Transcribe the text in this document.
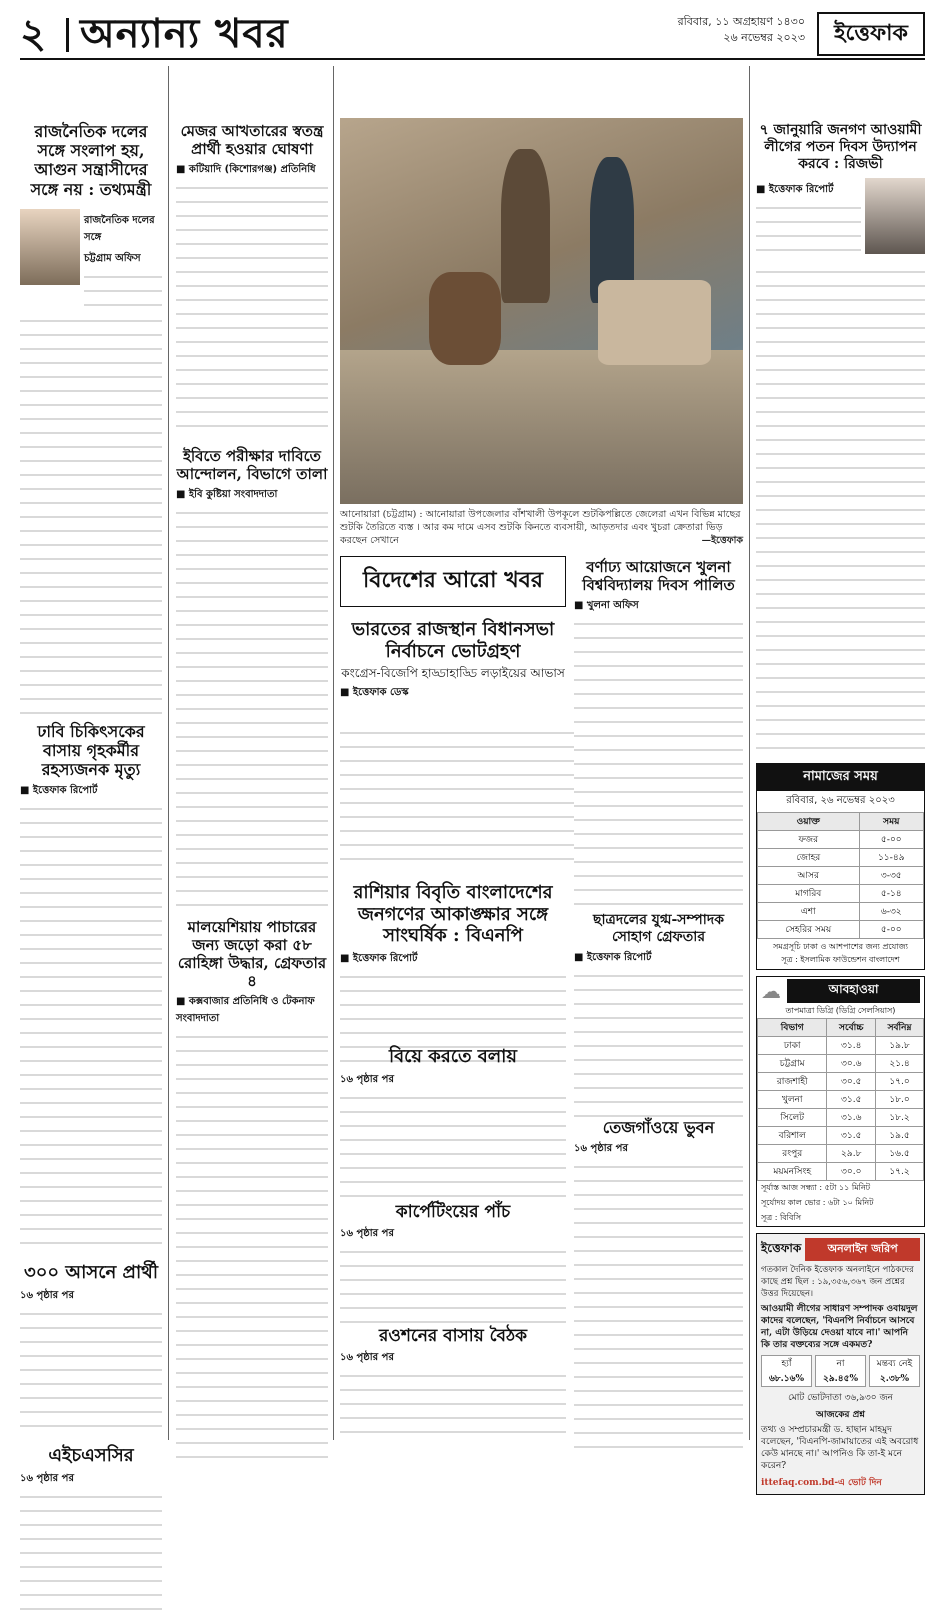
২ অন্যান্য খবর	রবিবার, ১১ অগ্রহায়ণ ১৪৩০
২৬ নভেম্বর ২০২৩	ইত্তেফাক
রাজনৈতিক দলের সঙ্গে সংলাপ হয়, আগুন সন্ত্রাসীদের সঙ্গে নয় : তথ্যমন্ত্রী
রাজনৈতিক দলের সঙ্গে
চট্টগ্রাম অফিস
ঢাবি চিকিৎসকের বাসায় গৃহকর্মীর রহস্যজনক মৃত্যু
■ ইত্তেফাক রিপোর্ট
৩০০ আসনে প্রার্থী
১৬ পৃষ্ঠার পর
এইচএসসির
১৬ পৃষ্ঠার পর
মেজর আখতারের স্বতন্ত্র প্রার্থী হওয়ার ঘোষণা
■ কটিয়াদি (কিশোরগঞ্জ) প্রতিনিধি
ইবিতে পরীক্ষার দাবিতে আন্দোলন, বিভাগে তালা
■ ইবি কুষ্টিয়া সংবাদদাতা
মালয়েশিয়ায় পাচারের জন্য জড়ো করা ৫৮ রোহিঙ্গা উদ্ধার, গ্রেফতার ৪
■ কক্সবাজার প্রতিনিধি ও টেকনাফ সংবাদদাতা
আনোয়ারা (চট্টগ্রাম) : আনোয়ারা উপজেলার বাঁশখালী উপকূলে শুটকিপল্লিতে জেলেরা এখন বিভিন্ন মাছের শুটকি তৈরিতে ব্যস্ত । আর কম দামে এসব শুটকি কিনতে ব্যবসায়ী, আড়তদার এবং খুচরা ক্রেতারা ভিড় করছেন সেখানে	—ইত্তেফাক
বিদেশের আরো খবর
ভারতের রাজস্থান বিধানসভা নির্বাচনে ভোটগ্রহণ
কংগ্রেস-বিজেপি হাড্ডাহাড্ডি লড়াইয়ের আভাস
■ ইত্তেফাক ডেস্ক
বর্ণাঢ্য আয়োজনে খুলনা বিশ্ববিদ্যালয় দিবস পালিত
■ খুলনা অফিস
রাশিয়ার বিবৃতি বাংলাদেশের জনগণের আকাঙ্ক্ষার সঙ্গে সাংঘর্ষিক : বিএনপি
■ ইত্তেফাক রিপোর্ট
ছাত্রদলের যুগ্ম-সম্পাদক সোহাগ গ্রেফতার
■ ইত্তেফাক রিপোর্ট
বিয়ে করতে বলায়
১৬ পৃষ্ঠার পর
তেজগাঁওয়ে ভুবন
১৬ পৃষ্ঠার পর
কার্পেটিংয়ের পাঁচ
১৬ পৃষ্ঠার পর
রওশনের বাসায় বৈঠক
১৬ পৃষ্ঠার পর
৭ জানুয়ারি জনগণ আওয়ামী লীগের পতন দিবস উদ্যাপন করবে : রিজভী
■ ইত্তেফাক রিপোর্ট
নামাজের সময়
রবিবার, ২৬ নভেম্বর ২০২৩
ওয়াক্ত	সময়
ফজর	৫-০০
জোহর	১১-৪৯
আসর	৩-৩৫
মাগরিব	৫-১৪
এশা	৬-৩২
সেহরির সময়	৫-০০
সমগ্রসূচি ঢাকা ও আশপাশের জন্য প্রযোজ্য
সূত্র : ইসলামিক ফাউন্ডেশন বাংলাদেশ
☁	আবহাওয়া
তাপমাত্রা ডিগ্রি (ডিগ্রি সেলসিয়াস)
বিভাগ	সর্বোচ্চ	সর্বনিম্ন
ঢাকা	৩১.৪	১৯.৮
চট্টগ্রাম	৩০.৬	২১.৪
রাজশাহী	৩০.৫	১৭.০
খুলনা	৩১.৫	১৮.০
সিলেট	৩১.৬	১৮.২
বরিশাল	৩১.৫	১৯.৫
রংপুর	২৯.৮	১৬.৫
ময়মনসিংহ	৩০.০	১৭.২
সূর্যাস্ত আজ সন্ধ্যা : ৫টা ১১ মিনিট
সূর্যোদয় কাল ভোর : ৬টা ১০ মিনিট
সূত্র : বিবিসি
ইত্তেফাক	অনলাইন জরিপ
গতকাল দৈনিক ইত্তেফাক অনলাইনে পাঠকদের কাছে প্রশ্ন ছিল : ১৯,৩৫৬,৩৬৭ জন প্রশ্নের উত্তর দিয়েছেন।
আওয়ামী লীগের সাধারণ সম্পাদক ওবায়দুল কাদের বলেছেন, 'বিএনপি নির্বাচনে আসবে না, এটা উড়িয়ে দেওয়া যাবে না।' আপনি কি তার বক্তব্যের সঙ্গে একমত?
হ্যাঁ
৬৮.১৬%
না
২৯.৪৫%
মন্তব্য নেই
২.৩৮%
মোট ভোটদাতা ৩৬,৯৩০ জন
আজকের প্রশ্ন
তথ্য ও সম্প্রচারমন্ত্রী ড. হাছান মাহমুদ বলেছেন, 'বিএনপি-জামায়াতের এই অবরোধ কেউ মানছে না।' আপনিও কি তা-ই মনে করেন?
ittefaq.com.bd-এ ভোট দিন
